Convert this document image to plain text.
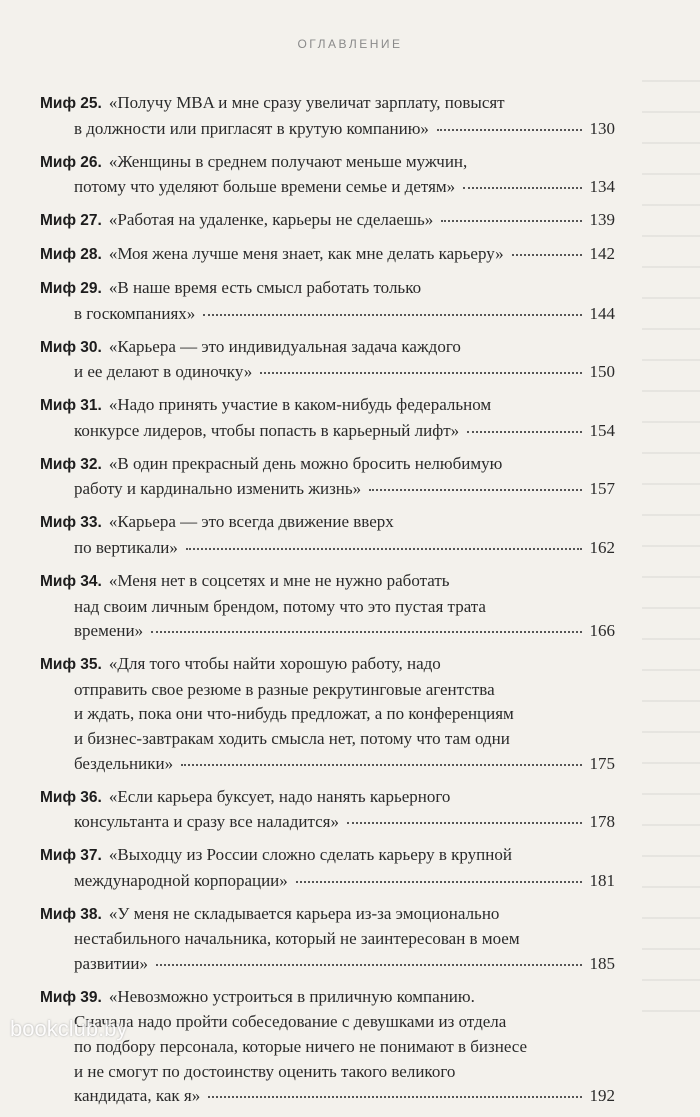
ОГЛАВЛЕНИЕ
Миф 25. «Получу MBA и мне сразу увеличат зарплату, повысят
в должности или пригласят в крутую компанию»	130
Миф 26. «Женщины в среднем получают меньше мужчин,
потому что уделяют больше времени семье и детям»	134
Миф 27. «Работая на удаленке, карьеры не сделаешь»	139
Миф 28. «Моя жена лучше меня знает, как мне делать карьеру»	142
Миф 29. «В наше время есть смысл работать только
в госкомпаниях»	144
Миф 30. «Карьера — это индивидуальная задача каждого
и ее делают в одиночку»	150
Миф 31. «Надо принять участие в каком-нибудь федеральном
конкурсе лидеров, чтобы попасть в карьерный лифт»	154
Миф 32. «В один прекрасный день можно бросить нелюбимую
работу и кардинально изменить жизнь»	157
Миф 33. «Карьера — это всегда движение вверх
по вертикали»	162
Миф 34. «Меня нет в соцсетях и мне не нужно работать
над своим личным брендом, потому что это пустая трата
времени»	166
Миф 35. «Для того чтобы найти хорошую работу, надо
отправить свое резюме в разные рекрутинговые агентства
и ждать, пока они что-нибудь предложат, а по конференциям
и бизнес-завтракам ходить смысла нет, потому что там одни
бездельники»	175
Миф 36. «Если карьера буксует, надо нанять карьерного
консультанта и сразу все наладится»	178
Миф 37. «Выходцу из России сложно сделать карьеру в крупной
международной корпорации»	181
Миф 38. «У меня не складывается карьера из-за эмоционально
нестабильного начальника, который не заинтересован в моем
развитии»	185
Миф 39. «Невозможно устроиться в приличную компанию.
Сначала надо пройти собеседование с девушками из отдела
по подбору персонала, которые ничего не понимают в бизнесе
и не смогут по достоинству оценить такого великого
кандидата, как я»	192
bookclub.by
